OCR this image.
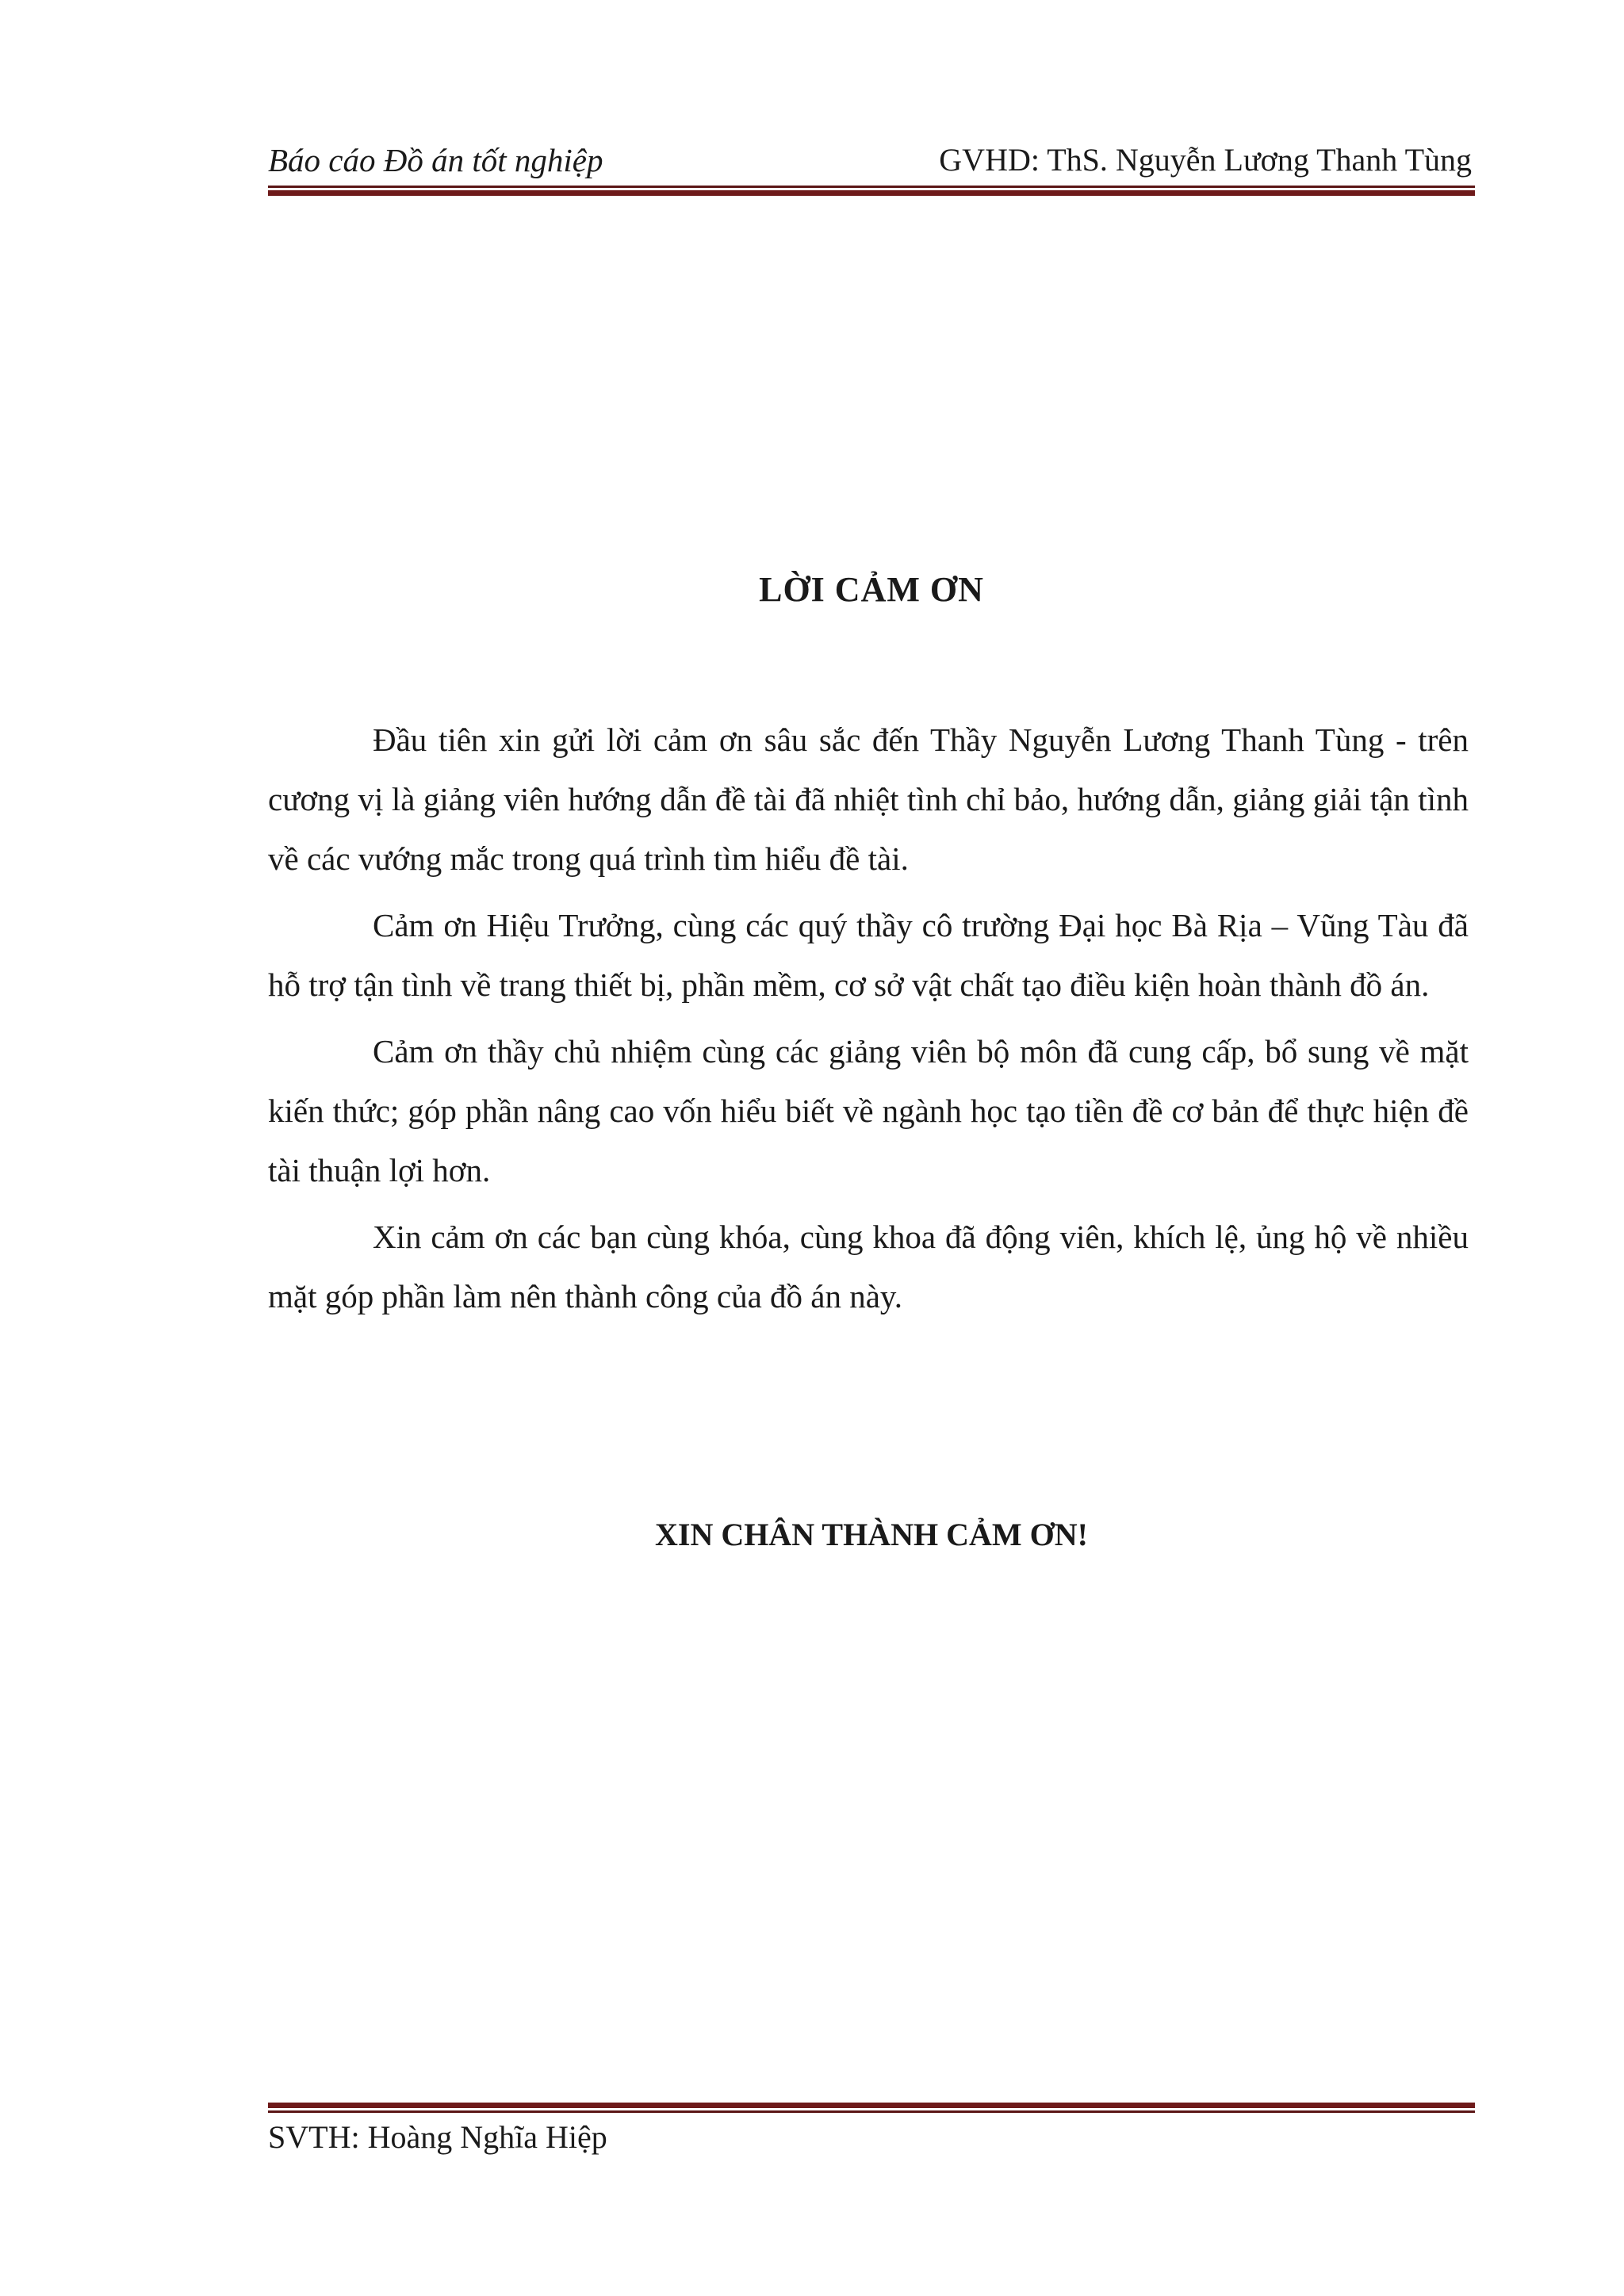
Báo cáo Đồ án tốt nghiệp	GVHD: ThS. Nguyễn Lương Thanh Tùng
LỜI CẢM ƠN

Đầu tiên xin gửi lời cảm ơn sâu sắc đến Thầy Nguyễn Lương Thanh Tùng - trên cương vị là giảng viên hướng dẫn đề tài đã nhiệt tình chỉ bảo, hướng dẫn, giảng giải tận tình về các vướng mắc trong quá trình tìm hiểu đề tài.

Cảm ơn Hiệu Trưởng, cùng các quý thầy cô trường Đại học Bà Rịa – Vũng Tàu đã hỗ trợ tận tình về trang thiết bị, phần mềm, cơ sở vật chất tạo điều kiện hoàn thành đồ án.

Cảm ơn thầy chủ nhiệm cùng các giảng viên bộ môn đã cung cấp, bổ sung về mặt kiến thức; góp phần nâng cao vốn hiểu biết về ngành học tạo tiền đề cơ bản để thực hiện đề tài thuận lợi hơn.

Xin cảm ơn các bạn cùng khóa, cùng khoa đã động viên, khích lệ, ủng hộ về nhiều mặt góp phần làm nên thành công của đồ án này.

XIN CHÂN THÀNH CẢM ƠN!
SVTH: Hoàng Nghĩa Hiệp
